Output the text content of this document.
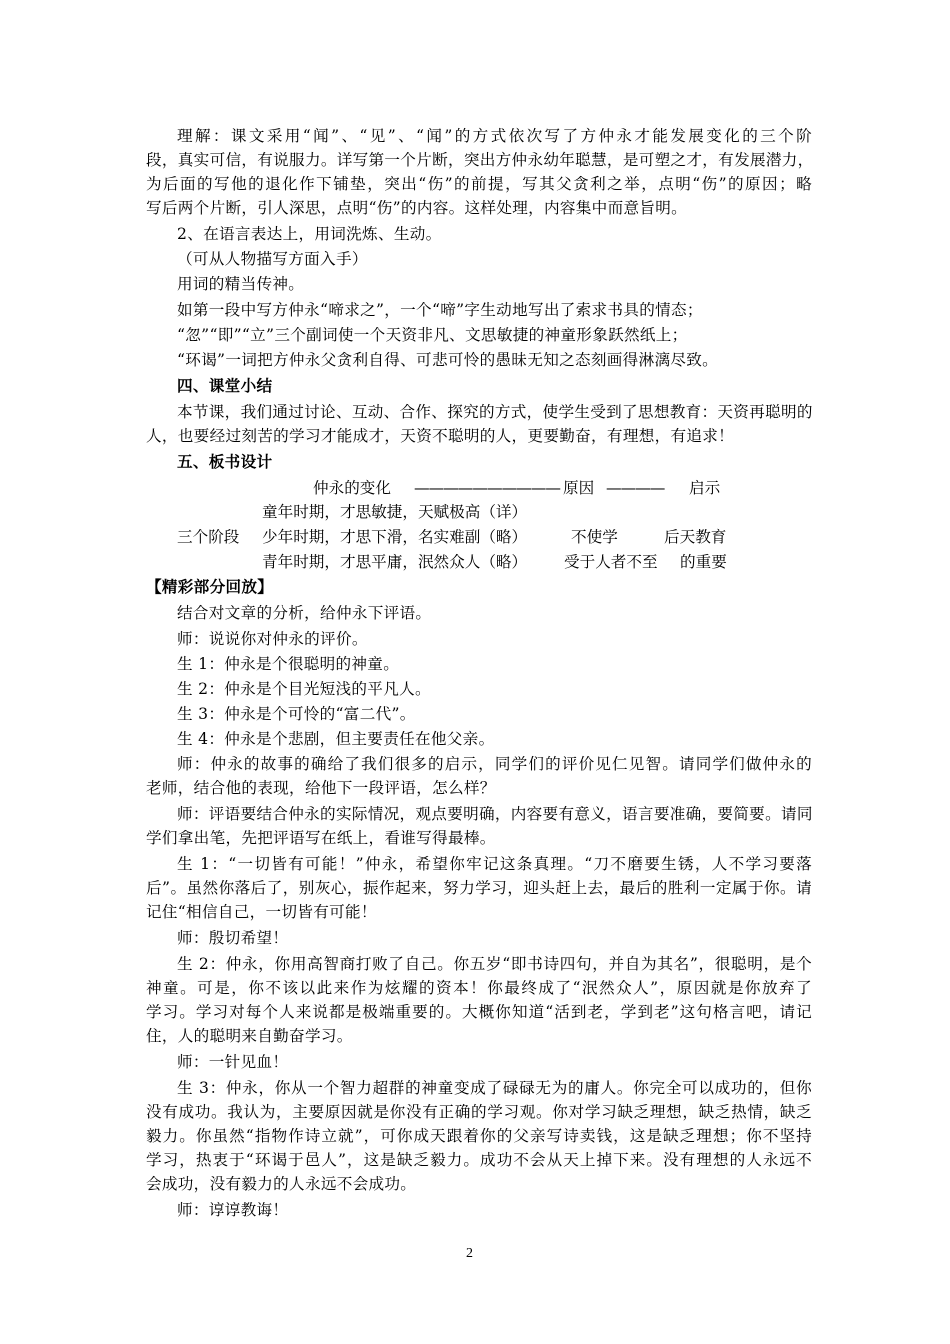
理解：课文采用“闻”、“见”、“闻”的方式依次写了方仲永才能发展变化的三个阶
段，真实可信，有说服力。详写第一个片断，突出方仲永幼年聪慧，是可塑之才，有发展潜力，
为后面的写他的退化作下铺垫，突出“伤”的前提，写其父贪利之举，点明“伤”的原因；略
写后两个片断，引人深思，点明“伤”的内容。这样处理，内容集中而意旨明。
2、在语言表达上，用词洗炼、生动。
（可从人物描写方面入手）
用词的精当传神。
如第一段中写方仲永“啼求之”，一个“啼”字生动地写出了索求书具的情态；
“忽”“即”“立”三个副词使一个天资非凡、文思敏捷的神童形象跃然纸上；
“环谒”一词把方仲永父贪利自得、可悲可怜的愚昧无知之态刻画得淋漓尽致。
四、课堂小结
本节课，我们通过讨论、互动、合作、探究的方式，使学生受到了思想教育：天资再聪明的
人，也要经过刻苦的学习才能成才，天资不聪明的人，更要勤奋，有理想，有追求！
五、板书设计
仲永的变化 —————————— 原因 ———— 启示
童年时期，才思敏捷，天赋极高（详）
三个阶段 少年时期，才思下滑，名实难副（略）	不使学	后天教育
青年时期，才思平庸，泯然众人（略） 受于人者不至 的重要
【精彩部分回放】
结合对文章的分析，给仲永下评语。
师：说说你对仲永的评价。
生 1：仲永是个很聪明的神童。
生 2：仲永是个目光短浅的平凡人。
生 3：仲永是个可怜的“富二代”。
生 4：仲永是个悲剧，但主要责任在他父亲。
师：仲永的故事的确给了我们很多的启示，同学们的评价见仁见智。请同学们做仲永的
老师，结合他的表现，给他下一段评语，怎么样？
师：评语要结合仲永的实际情况，观点要明确，内容要有意义，语言要准确，要简要。请同
学们拿出笔，先把评语写在纸上，看谁写得最棒。
生 1：“一切皆有可能！”仲永，希望你牢记这条真理。“刀不磨要生锈，人不学习要落
后”。虽然你落后了，别灰心，振作起来，努力学习，迎头赶上去，最后的胜利一定属于你。请
记住“相信自己，一切皆有可能！
师：殷切希望！
生 2：仲永，你用高智商打败了自己。你五岁“即书诗四句，并自为其名”，很聪明，是个
神童。可是，你不该以此来作为炫耀的资本！你最终成了“泯然众人”，原因就是你放弃了
学习。学习对每个人来说都是极端重要的。大概你知道“活到老，学到老”这句格言吧，请记
住，人的聪明来自勤奋学习。
师：一针见血！
生 3：仲永，你从一个智力超群的神童变成了碌碌无为的庸人。你完全可以成功的，但你
没有成功。我认为，主要原因就是你没有正确的学习观。你对学习缺乏理想，缺乏热情，缺乏
毅力。你虽然“指物作诗立就”，可你成天跟着你的父亲写诗卖钱，这是缺乏理想；你不坚持
学习，热衷于“环谒于邑人”，这是缺乏毅力。成功不会从天上掉下来。没有理想的人永远不
会成功，没有毅力的人永远不会成功。
师：谆谆教诲！
2
